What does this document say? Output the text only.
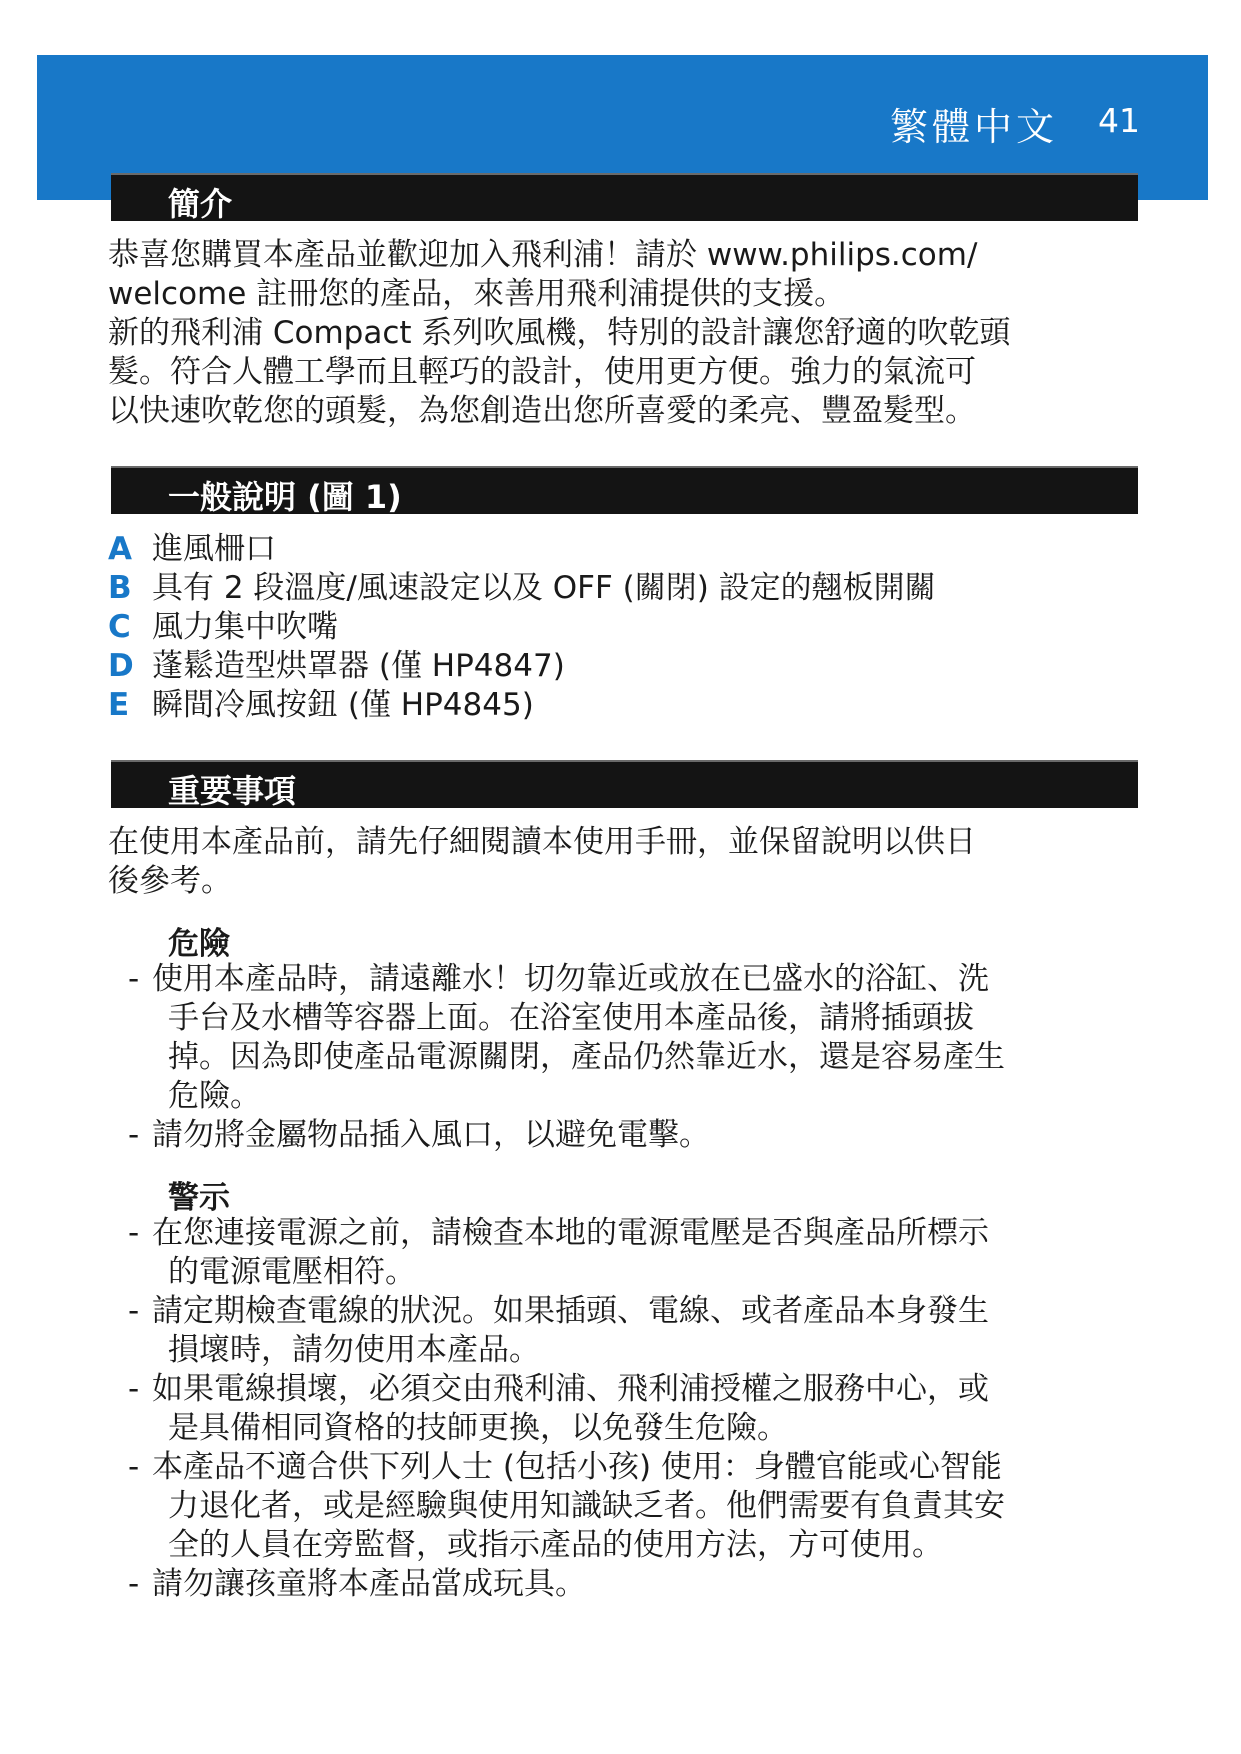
繁體中文 41
簡介

恭喜您購買本產品並歡迎加入飛利浦！請於 www.philips.com/

welcome 註冊您的產品，來善用飛利浦提供的支援。

新的飛利浦 Compact 系列吹風機，特別的設計讓您舒適的吹乾頭

髮。符合人體工學而且輕巧的設計，使用更方便。強力的氣流可

以快速吹乾您的頭髮，為您創造出您所喜愛的柔亮、豐盈髮型。

一般說明 (圖 1)
A 進風柵口
B 具有 2 段溫度/風速設定以及 OFF (關閉) 設定的翹板開關
C 風力集中吹嘴
D 蓬鬆造型烘罩器 (僅 HP4847)
E 瞬間冷風按鈕 (僅 HP4845)
重要事項

在使用本產品前，請先仔細閱讀本使用手冊，並保留說明以供日

後參考。

危險
- 使用本產品時，請遠離水！切勿靠近或放在已盛水的浴缸、洗
手台及水槽等容器上面。在浴室使用本產品後，請將插頭拔
掉。因為即使產品電源關閉，產品仍然靠近水，還是容易產生
危險。
- 請勿將金屬物品插入風口，以避免電擊。
警示
- 在您連接電源之前，請檢查本地的電源電壓是否與產品所標示
的電源電壓相符。
- 請定期檢查電線的狀況。如果插頭、電線、或者產品本身發生
損壞時，請勿使用本產品。
- 如果電線損壞，必須交由飛利浦、飛利浦授權之服務中心，或
是具備相同資格的技師更換，以免發生危險。
- 本產品不適合供下列人士 (包括小孩) 使用：身體官能或心智能
力退化者，或是經驗與使用知識缺乏者。他們需要有負責其安
全的人員在旁監督，或指示產品的使用方法，方可使用。
- 請勿讓孩童將本產品當成玩具。
